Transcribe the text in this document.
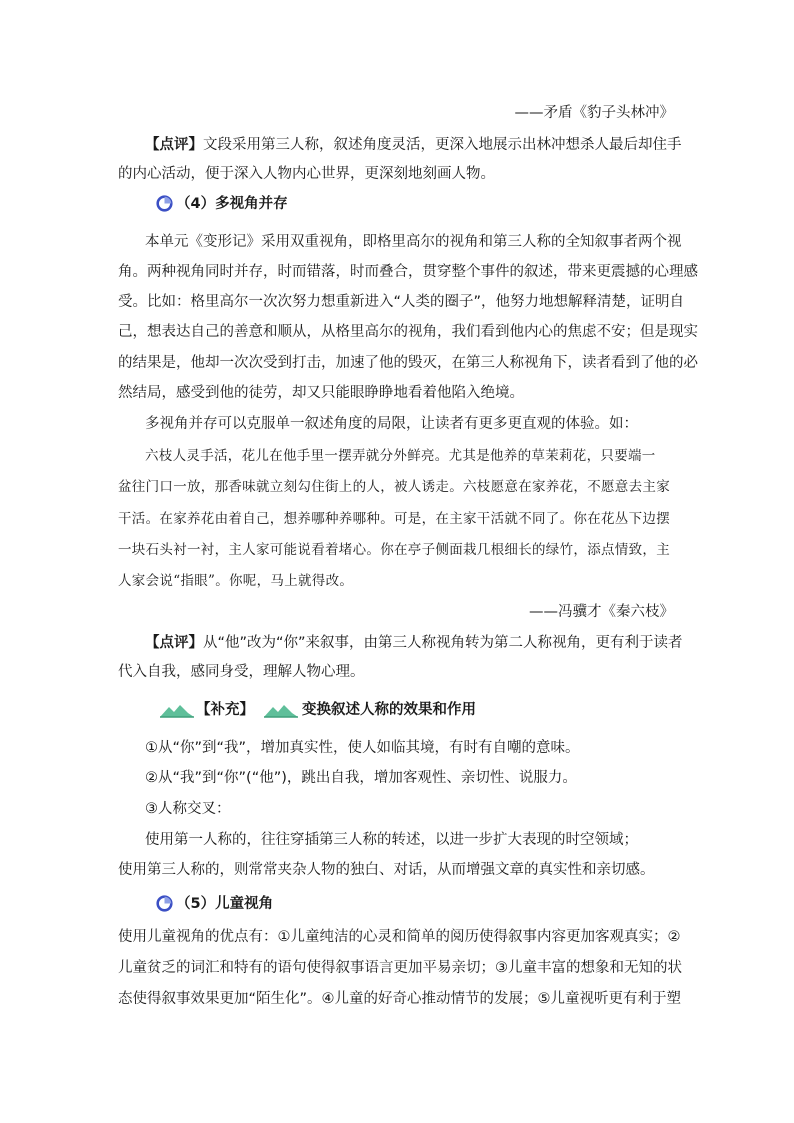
——矛盾《豹子头林冲》
【点评】文段采用第三人称，叙述角度灵活，更深入地展示出林冲想杀人最后却住手
的内心活动，便于深入人物内心世界，更深刻地刻画人物。
（4）多视角并存
本单元《变形记》采用双重视角，即格里高尔的视角和第三人称的全知叙事者两个视
角。两种视角同时并存，时而错落，时而叠合，贯穿整个事件的叙述，带来更震撼的心理感
受。比如：格里高尔一次次努力想重新进入“人类的圈子”，他努力地想解释清楚，证明自
己，想表达自己的善意和顺从，从格里高尔的视角，我们看到他内心的焦虑不安；但是现实
的结果是，他却一次次受到打击，加速了他的毁灭，在第三人称视角下，读者看到了他的必
然结局，感受到他的徒劳，却又只能眼睁睁地看着他陷入绝境。
多视角并存可以克服单一叙述角度的局限，让读者有更多更直观的体验。如：
六枝人灵手活，花儿在他手里一摆弄就分外鲜亮。尤其是他养的草茉莉花，只要端一
盆往门口一放，那香味就立刻勾住街上的人，被人诱走。六枝愿意在家养花，不愿意去主家
干活。在家养花由着自己，想养哪种养哪种。可是，在主家干活就不同了。你在花丛下边摆
一块石头衬一衬，主人家可能说看着堵心。你在亭子侧面栽几根细长的绿竹，添点情致，主
人家会说“指眼”。你呢，马上就得改。
——冯骥才《秦六枝》
【点评】从“他”改为“你”来叙事，由第三人称视角转为第二人称视角，更有利于读者
代入自我，感同身受，理解人物心理。
【补充】	变换叙述人称的效果和作用
①从“你”到“我”，增加真实性，使人如临其境，有时有自嘲的意味。
②从“我”到“你”(“他”)，跳出自我，增加客观性、亲切性、说服力。
③人称交叉：
使用第一人称的，往往穿插第三人称的转述，以进一步扩大表现的时空领域；
使用第三人称的，则常常夹杂人物的独白、对话，从而增强文章的真实性和亲切感。
（5）儿童视角
使用儿童视角的优点有：①儿童纯洁的心灵和简单的阅历使得叙事内容更加客观真实；②
儿童贫乏的词汇和特有的语句使得叙事语言更加平易亲切；③儿童丰富的想象和无知的状
态使得叙事效果更加“陌生化”。④儿童的好奇心推动情节的发展；⑤儿童视听更有利于塑
